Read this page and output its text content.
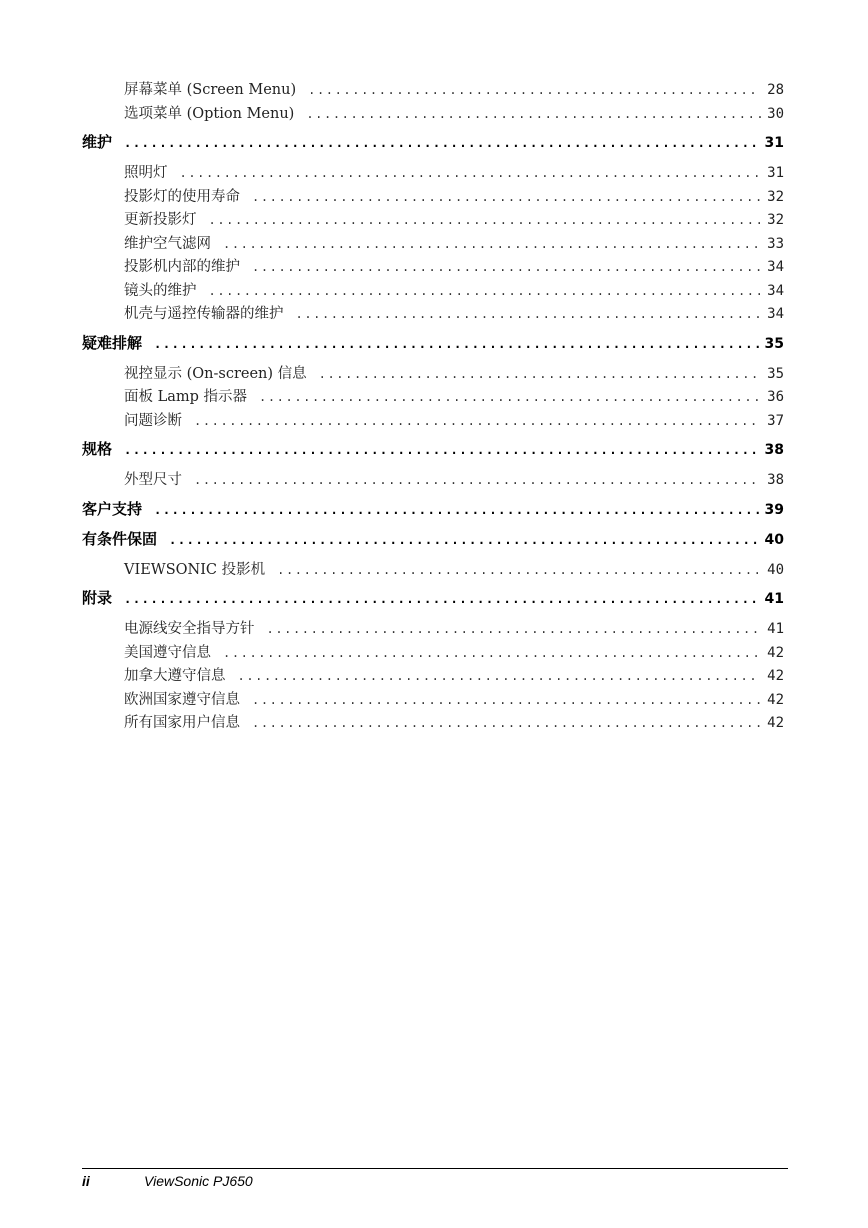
屏幕菜单 (Screen Menu) .....	28
选项菜单 (Option Menu) .....	30
维护 .....	31
照明灯 .....	31
投影灯的使用寿命 .....	32
更新投影灯 .....	32
维护空气滤网 .....	33
投影机内部的维护 .....	34
镜头的维护 .....	34
机壳与遥控传输器的维护 .....	34
疑难排解 .....	35
视控显示 (On-screen) 信息 .....	35
面板 Lamp 指示器 .....	36
问题诊断 .....	37
规格 .....	38
外型尺寸 .....	38
客户支持 .....	39
有条件保固 .....	40
VIEWSONIC 投影机 .....	40
附录 .....	41
电源线安全指导方针 .....	41
美国遵守信息 .....	42
加拿大遵守信息 .....	42
欧洲国家遵守信息 .....	42
所有国家用户信息 .....	42
ii	ViewSonic PJ650
